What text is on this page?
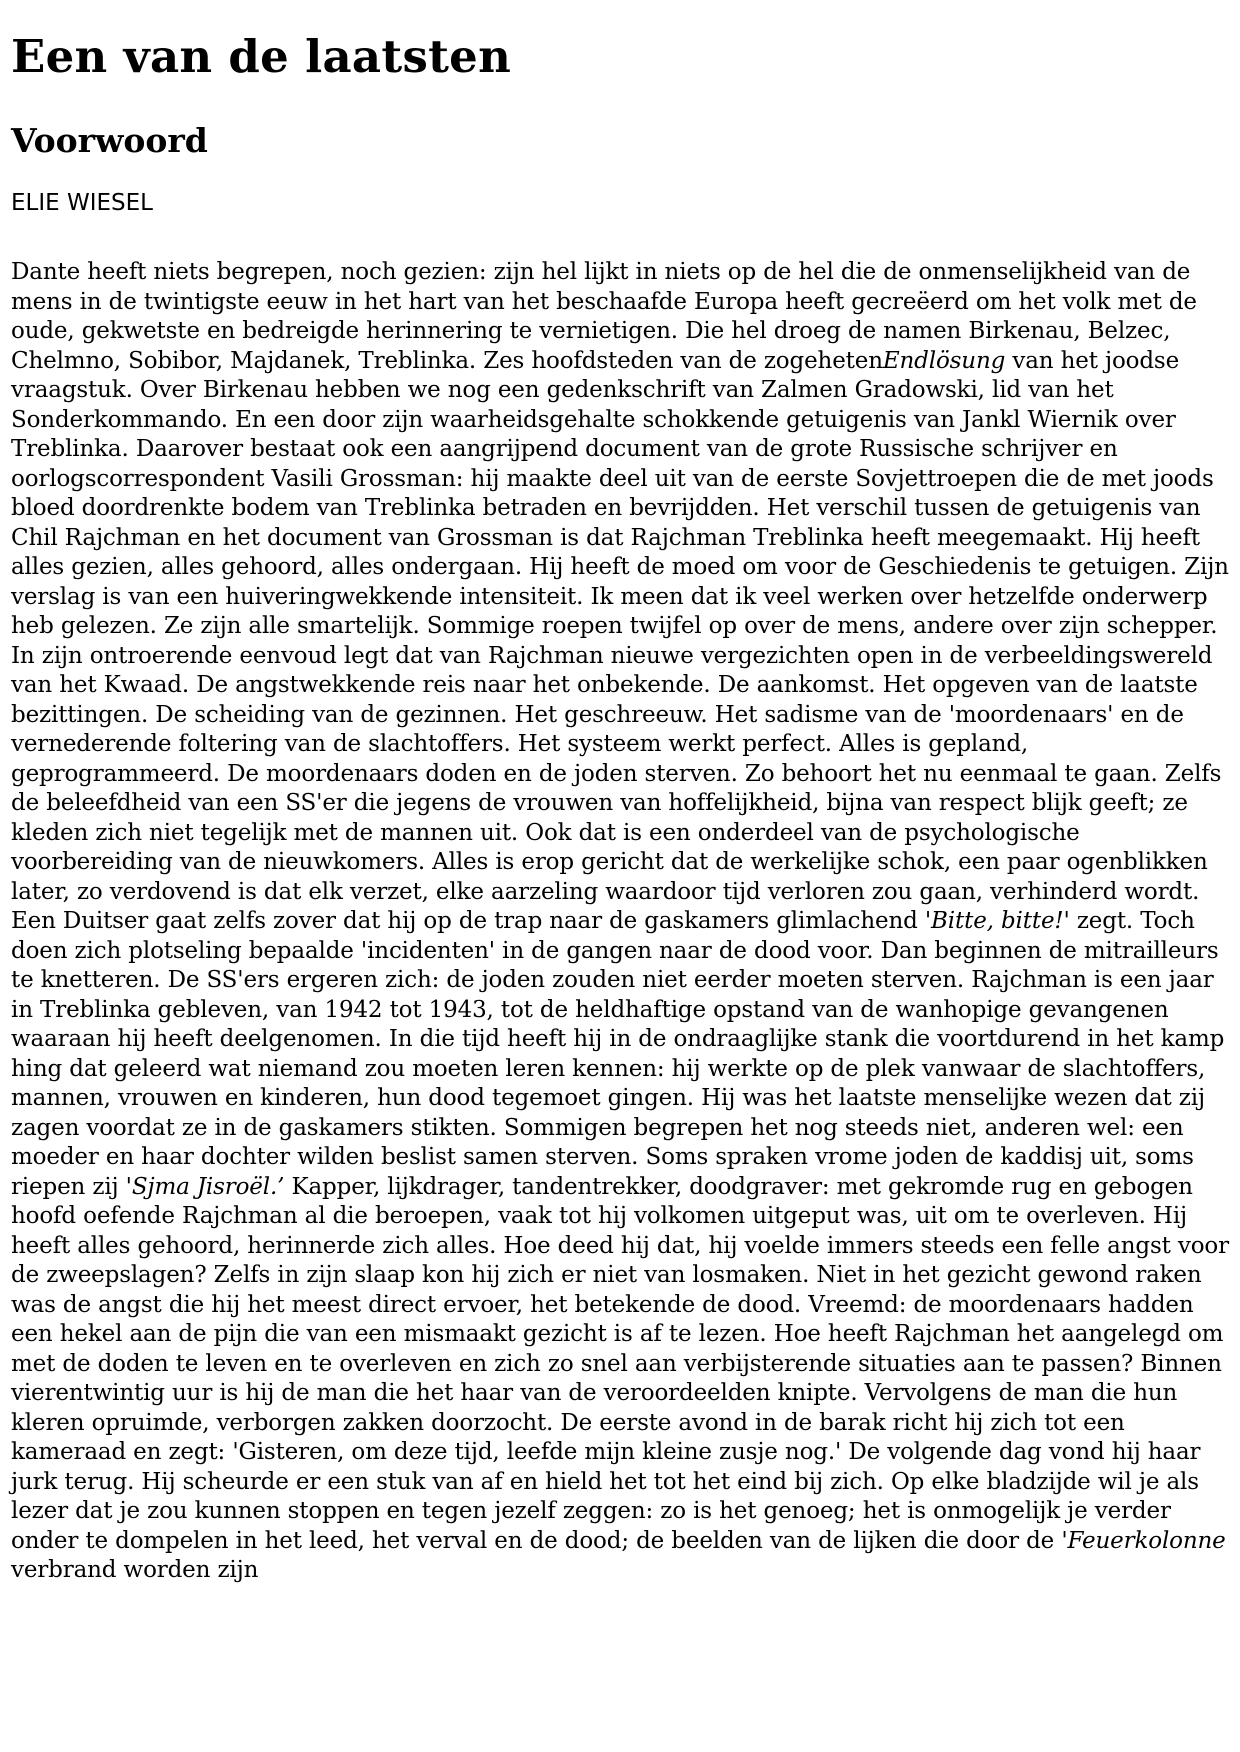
Een van de laatsten
Voorwoord

ELIE WIESEL

Dante heeft niets begrepen, noch gezien: zijn hel lijkt in niets op de hel die de onmenselijkheid van de mens in de twintigste eeuw in het hart van het beschaafde Europa heeft gecreëerd om het volk met de oude, gekwetste en bedreigde herinnering te vernietigen. Die hel droeg de namen Birkenau, Belzec, Chelmno, Sobibor, Majdanek, Treblinka. Zes hoofdsteden van de zogehetenEndlösung van het joodse vraagstuk. Over Birkenau hebben we nog een gedenkschrift van Zalmen Gradowski, lid van het Sonderkommando. En een door zijn waarheidsgehalte schokkende getuigenis van Jankl Wiernik over Treblinka. Daarover bestaat ook een aangrijpend document van de grote Russische schrijver en oorlogscorrespondent Vasili Grossman: hij maakte deel uit van de eerste Sovjettroepen die de met joods bloed doordrenkte bodem van Treblinka betraden en bevrijdden. Het verschil tussen de getuigenis van Chil Rajchman en het document van Grossman is dat Rajchman Treblinka heeft meegemaakt. Hij heeft alles gezien, alles gehoord, alles ondergaan. Hij heeft de moed om voor de Geschiedenis te getuigen. Zijn verslag is van een huiveringwekkende intensiteit. Ik meen dat ik veel werken over hetzelfde onderwerp heb gelezen. Ze zijn alle smartelijk. Sommige roepen twijfel op over de mens, andere over zijn schepper. In zijn ontroerende eenvoud legt dat van Rajchman nieuwe vergezichten open in de verbeeldingswereld van het Kwaad. De angstwekkende reis naar het onbekende. De aankomst. Het opgeven van de laatste bezittingen. De scheiding van de gezinnen. Het geschreeuw. Het sadisme van de 'moordenaars' en de vernederende foltering van de slachtoffers. Het systeem werkt perfect. Alles is gepland, geprogrammeerd. De moordenaars doden en de joden sterven. Zo behoort het nu eenmaal te gaan. Zelfs de beleefdheid van een SS'er die jegens de vrouwen van hoffelijkheid, bijna van respect blijk geeft; ze kleden zich niet tegelijk met de mannen uit. Ook dat is een onderdeel van de psychologische voorbereiding van de nieuwkomers. Alles is erop gericht dat de werkelijke schok, een paar ogenblikken later, zo verdovend is dat elk verzet, elke aarzeling waardoor tijd verloren zou gaan, verhinderd wordt. Een Duitser gaat zelfs zover dat hij op de trap naar de gaskamers glimlachend 'Bitte, bitte!' zegt. Toch doen zich plotseling bepaalde 'incidenten' in de gangen naar de dood voor. Dan beginnen de mitrailleurs te knetteren. De SS'ers ergeren zich: de joden zouden niet eerder moeten sterven. Rajchman is een jaar in Treblinka gebleven, van 1942 tot 1943, tot de heldhaftige opstand van de wanhopige gevangenen waaraan hij heeft deelgenomen. In die tijd heeft hij in de ondraaglijke stank die voortdurend in het kamp hing dat geleerd wat niemand zou moeten leren kennen: hij werkte op de plek vanwaar de slachtoffers, mannen, vrouwen en kinderen, hun dood tegemoet gingen. Hij was het laatste menselijke wezen dat zij zagen voordat ze in de gaskamers stikten. Sommigen begrepen het nog steeds niet, anderen wel: een moeder en haar dochter wilden beslist samen sterven. Soms spraken vrome joden de kaddisj uit, soms riepen zij 'Sjma Jisroël.’ Kapper, lijkdrager, tandentrekker, doodgraver: met gekromde rug en gebogen hoofd oefende Rajchman al die beroepen, vaak tot hij volkomen uitgeput was, uit om te overleven. Hij heeft alles gehoord, herinnerde zich alles. Hoe deed hij dat, hij voelde immers steeds een felle angst voor de zweepslagen? Zelfs in zijn slaap kon hij zich er niet van losmaken. Niet in het gezicht gewond raken was de angst die hij het meest direct ervoer, het betekende de dood. Vreemd: de moordenaars hadden een hekel aan de pijn die van een mismaakt gezicht is af te lezen. Hoe heeft Rajchman het aangelegd om met de doden te leven en te overleven en zich zo snel aan verbijsterende situaties aan te passen? Binnen vierentwintig uur is hij de man die het haar van de veroordeelden knipte. Vervolgens de man die hun kleren opruimde, verborgen zakken doorzocht. De eerste avond in de barak richt hij zich tot een kameraad en zegt: 'Gisteren, om deze tijd, leefde mijn kleine zusje nog.' De volgende dag vond hij haar jurk terug. Hij scheurde er een stuk van af en hield het tot het eind bij zich. Op elke bladzijde wil je als lezer dat je zou kunnen stoppen en tegen jezelf zeggen: zo is het genoeg; het is onmogelijk je verder onder te dompelen in het leed, het verval en de dood; de beelden van de lijken die door de 'Feuerkolonne verbrand worden zijn
